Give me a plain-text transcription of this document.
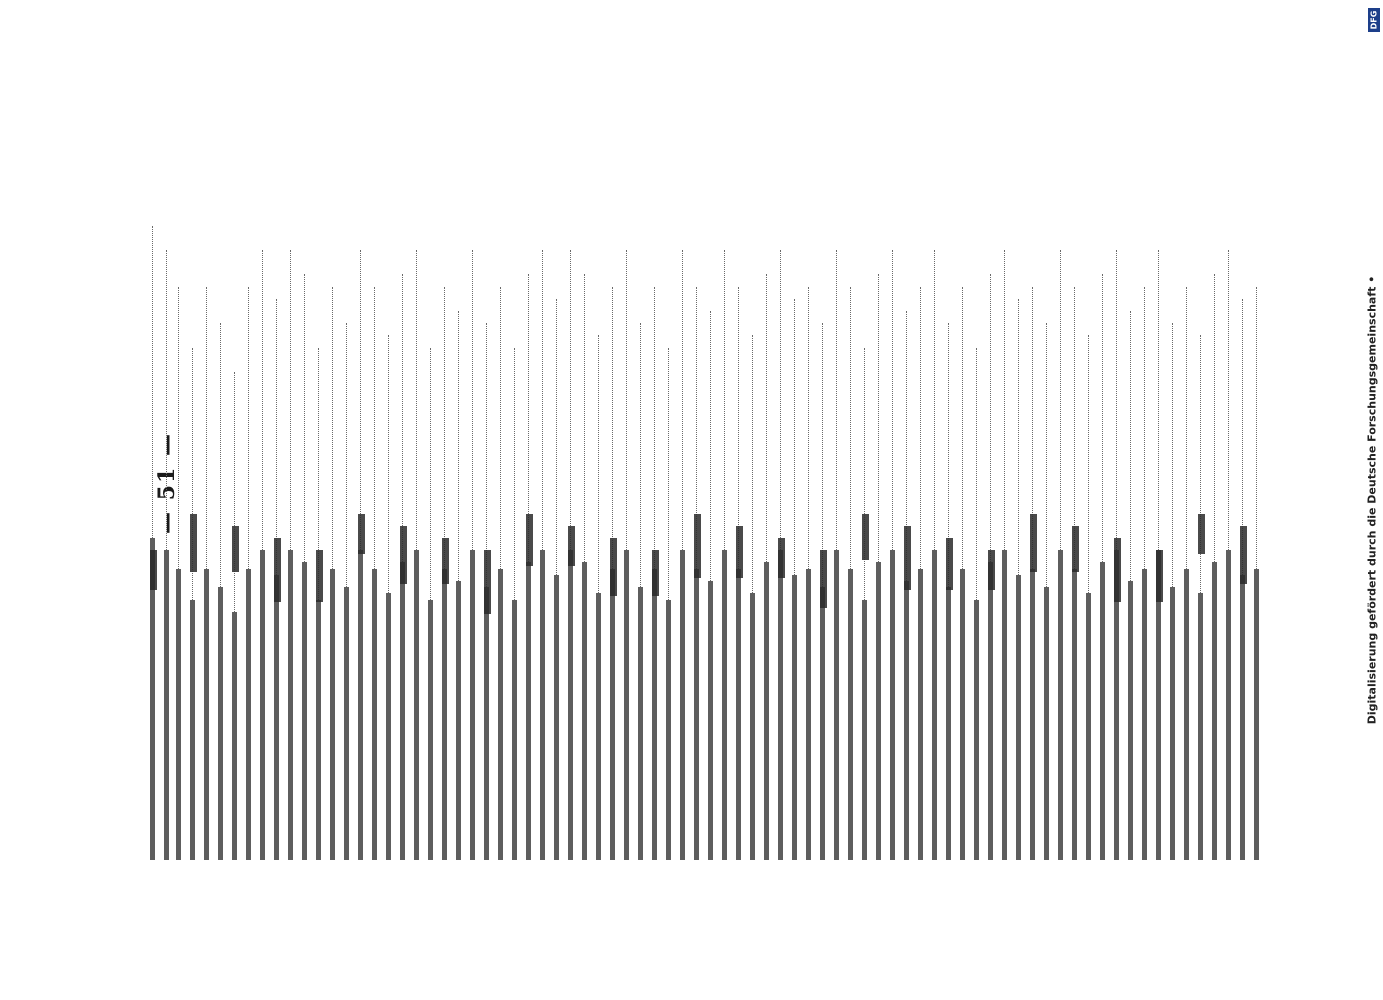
— 51 —
DFG
Digitalisierung gefördert durch die Deutsche Forschungsgemeinschaft •
